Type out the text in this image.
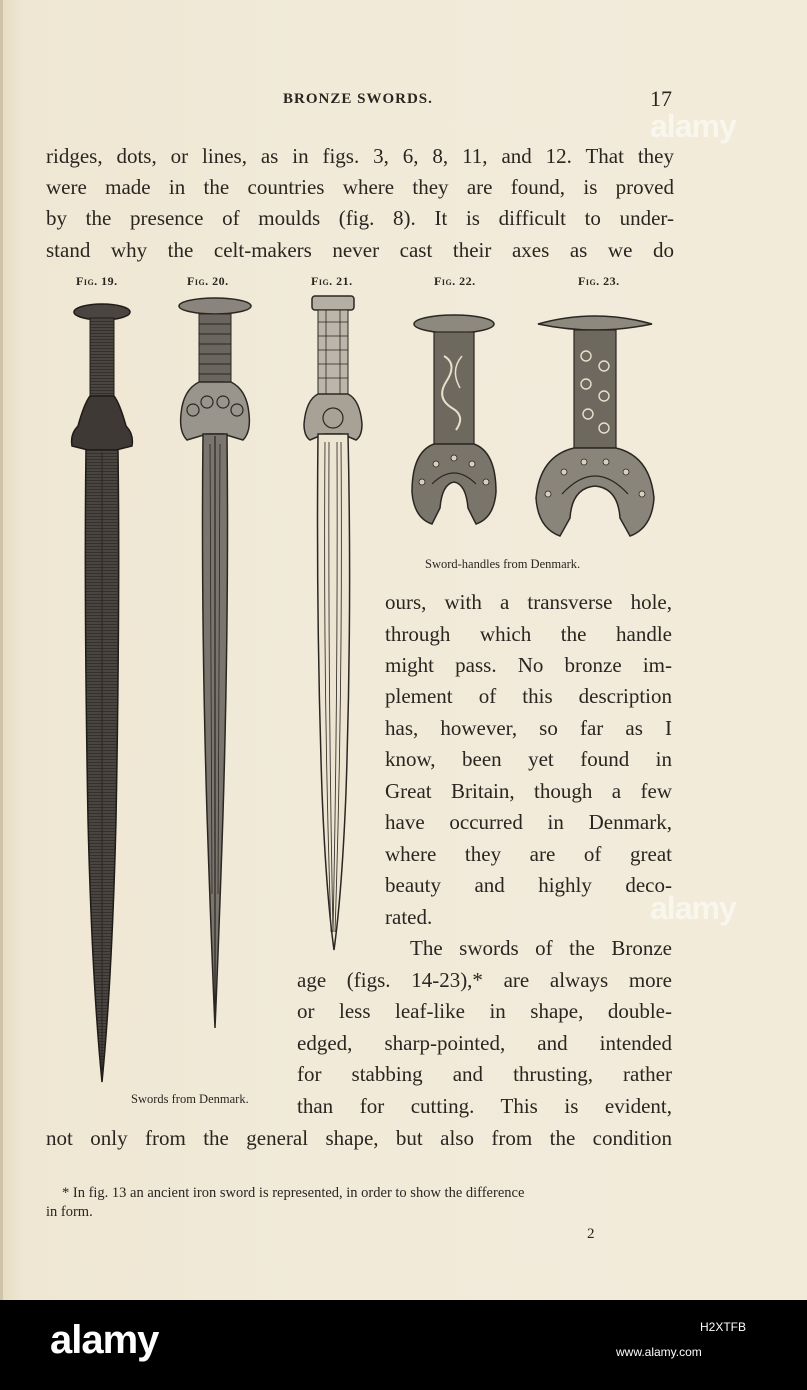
BRONZE SWORDS.	17
ridges, dots, or lines, as in figs. 3, 6, 8, 11, and 12. That they
were made in the countries where they are found, is proved
by the presence of moulds (fig. 8). It is difficult to under-
stand why the celt-makers never cast their axes as we do
Fig. 19.	Fig. 20.	Fig. 21.	Fig. 22.	Fig. 23.
Sword-handles from Denmark.
ours, with a transverse hole,
through which the handle
might pass. No bronze im-
plement of this description
has, however, so far as I
know, been yet found in
Great Britain, though a few
have occurred in Denmark,
where they are of great
beauty and highly deco-
rated.
The swords of the Bronze
age (figs. 14-23),* are always more
or less leaf-like in shape, double-
edged, sharp-pointed, and intended
for stabbing and thrusting, rather
than for cutting. This is evident,
Swords from Denmark.
not only from the general shape, but also from the condition
* In fig. 13 an ancient iron sword is represented, in order to show the difference
in form.
2
alamy
alamy
alamy	H2XTFB
www.alamy.com
